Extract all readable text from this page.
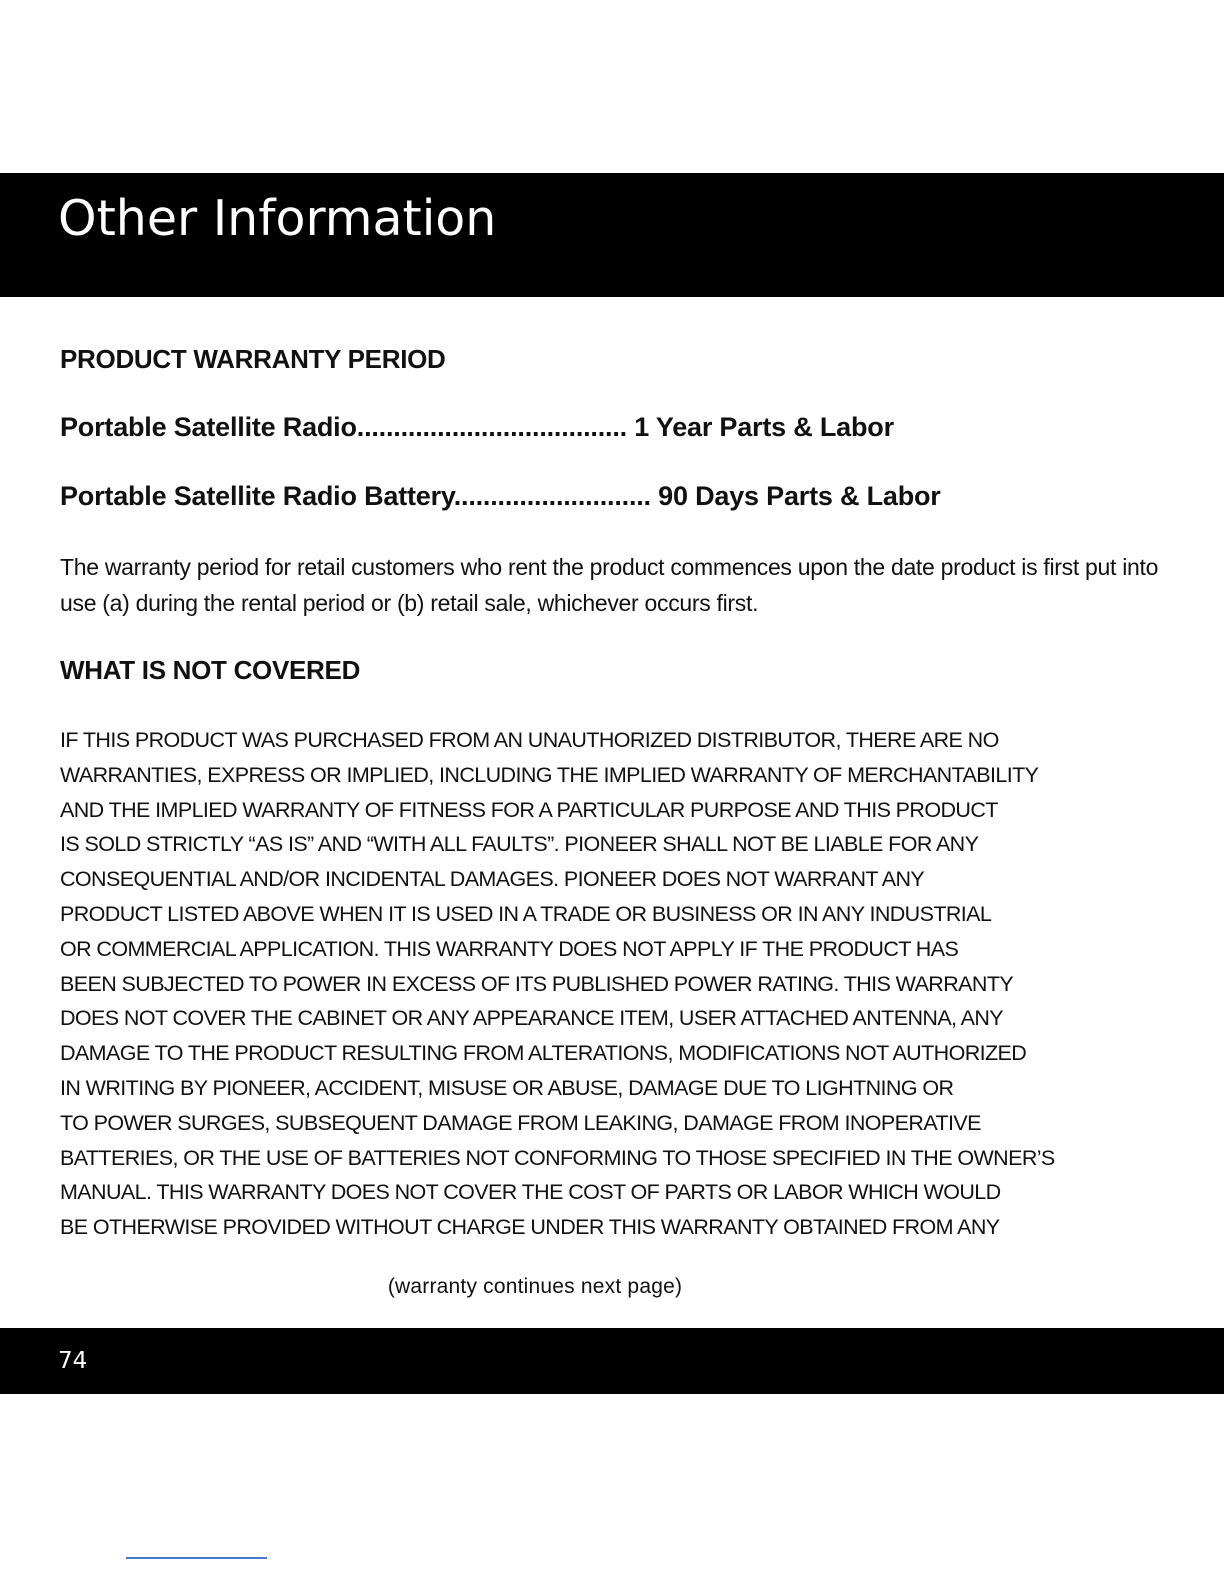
Other Information
PRODUCT WARRANTY PERIOD
Portable Satellite Radio..................................... 1 Year Parts & Labor
Portable Satellite Radio Battery........................... 90 Days Parts & Labor
The warranty period for retail customers who rent the product commences upon the date product is first put into use (a) during the rental period or (b) retail sale, whichever occurs first.
WHAT IS NOT COVERED
IF THIS PRODUCT WAS PURCHASED FROM AN UNAUTHORIZED DISTRIBUTOR, THERE ARE NO
WARRANTIES, EXPRESS OR IMPLIED, INCLUDING THE IMPLIED WARRANTY OF MERCHANTABILITY
AND THE IMPLIED WARRANTY OF FITNESS FOR A PARTICULAR PURPOSE AND THIS PRODUCT
IS SOLD STRICTLY “AS IS” AND “WITH ALL FAULTS”. PIONEER SHALL NOT BE LIABLE FOR ANY
CONSEQUENTIAL AND/OR INCIDENTAL DAMAGES. PIONEER DOES NOT WARRANT ANY
PRODUCT LISTED ABOVE WHEN IT IS USED IN A TRADE OR BUSINESS OR IN ANY INDUSTRIAL
OR COMMERCIAL APPLICATION. THIS WARRANTY DOES NOT APPLY IF THE PRODUCT HAS
BEEN SUBJECTED TO POWER IN EXCESS OF ITS PUBLISHED POWER RATING. THIS WARRANTY
DOES NOT COVER THE CABINET OR ANY APPEARANCE ITEM, USER ATTACHED ANTENNA, ANY
DAMAGE TO THE PRODUCT RESULTING FROM ALTERATIONS, MODIFICATIONS NOT AUTHORIZED
IN WRITING BY PIONEER, ACCIDENT, MISUSE OR ABUSE, DAMAGE DUE TO LIGHTNING OR
TO POWER SURGES, SUBSEQUENT DAMAGE FROM LEAKING, DAMAGE FROM INOPERATIVE
BATTERIES, OR THE USE OF BATTERIES NOT CONFORMING TO THOSE SPECIFIED IN THE OWNER’S
MANUAL. THIS WARRANTY DOES NOT COVER THE COST OF PARTS OR LABOR WHICH WOULD
BE OTHERWISE PROVIDED WITHOUT CHARGE UNDER THIS WARRANTY OBTAINED FROM ANY
(warranty continues next page)
74
